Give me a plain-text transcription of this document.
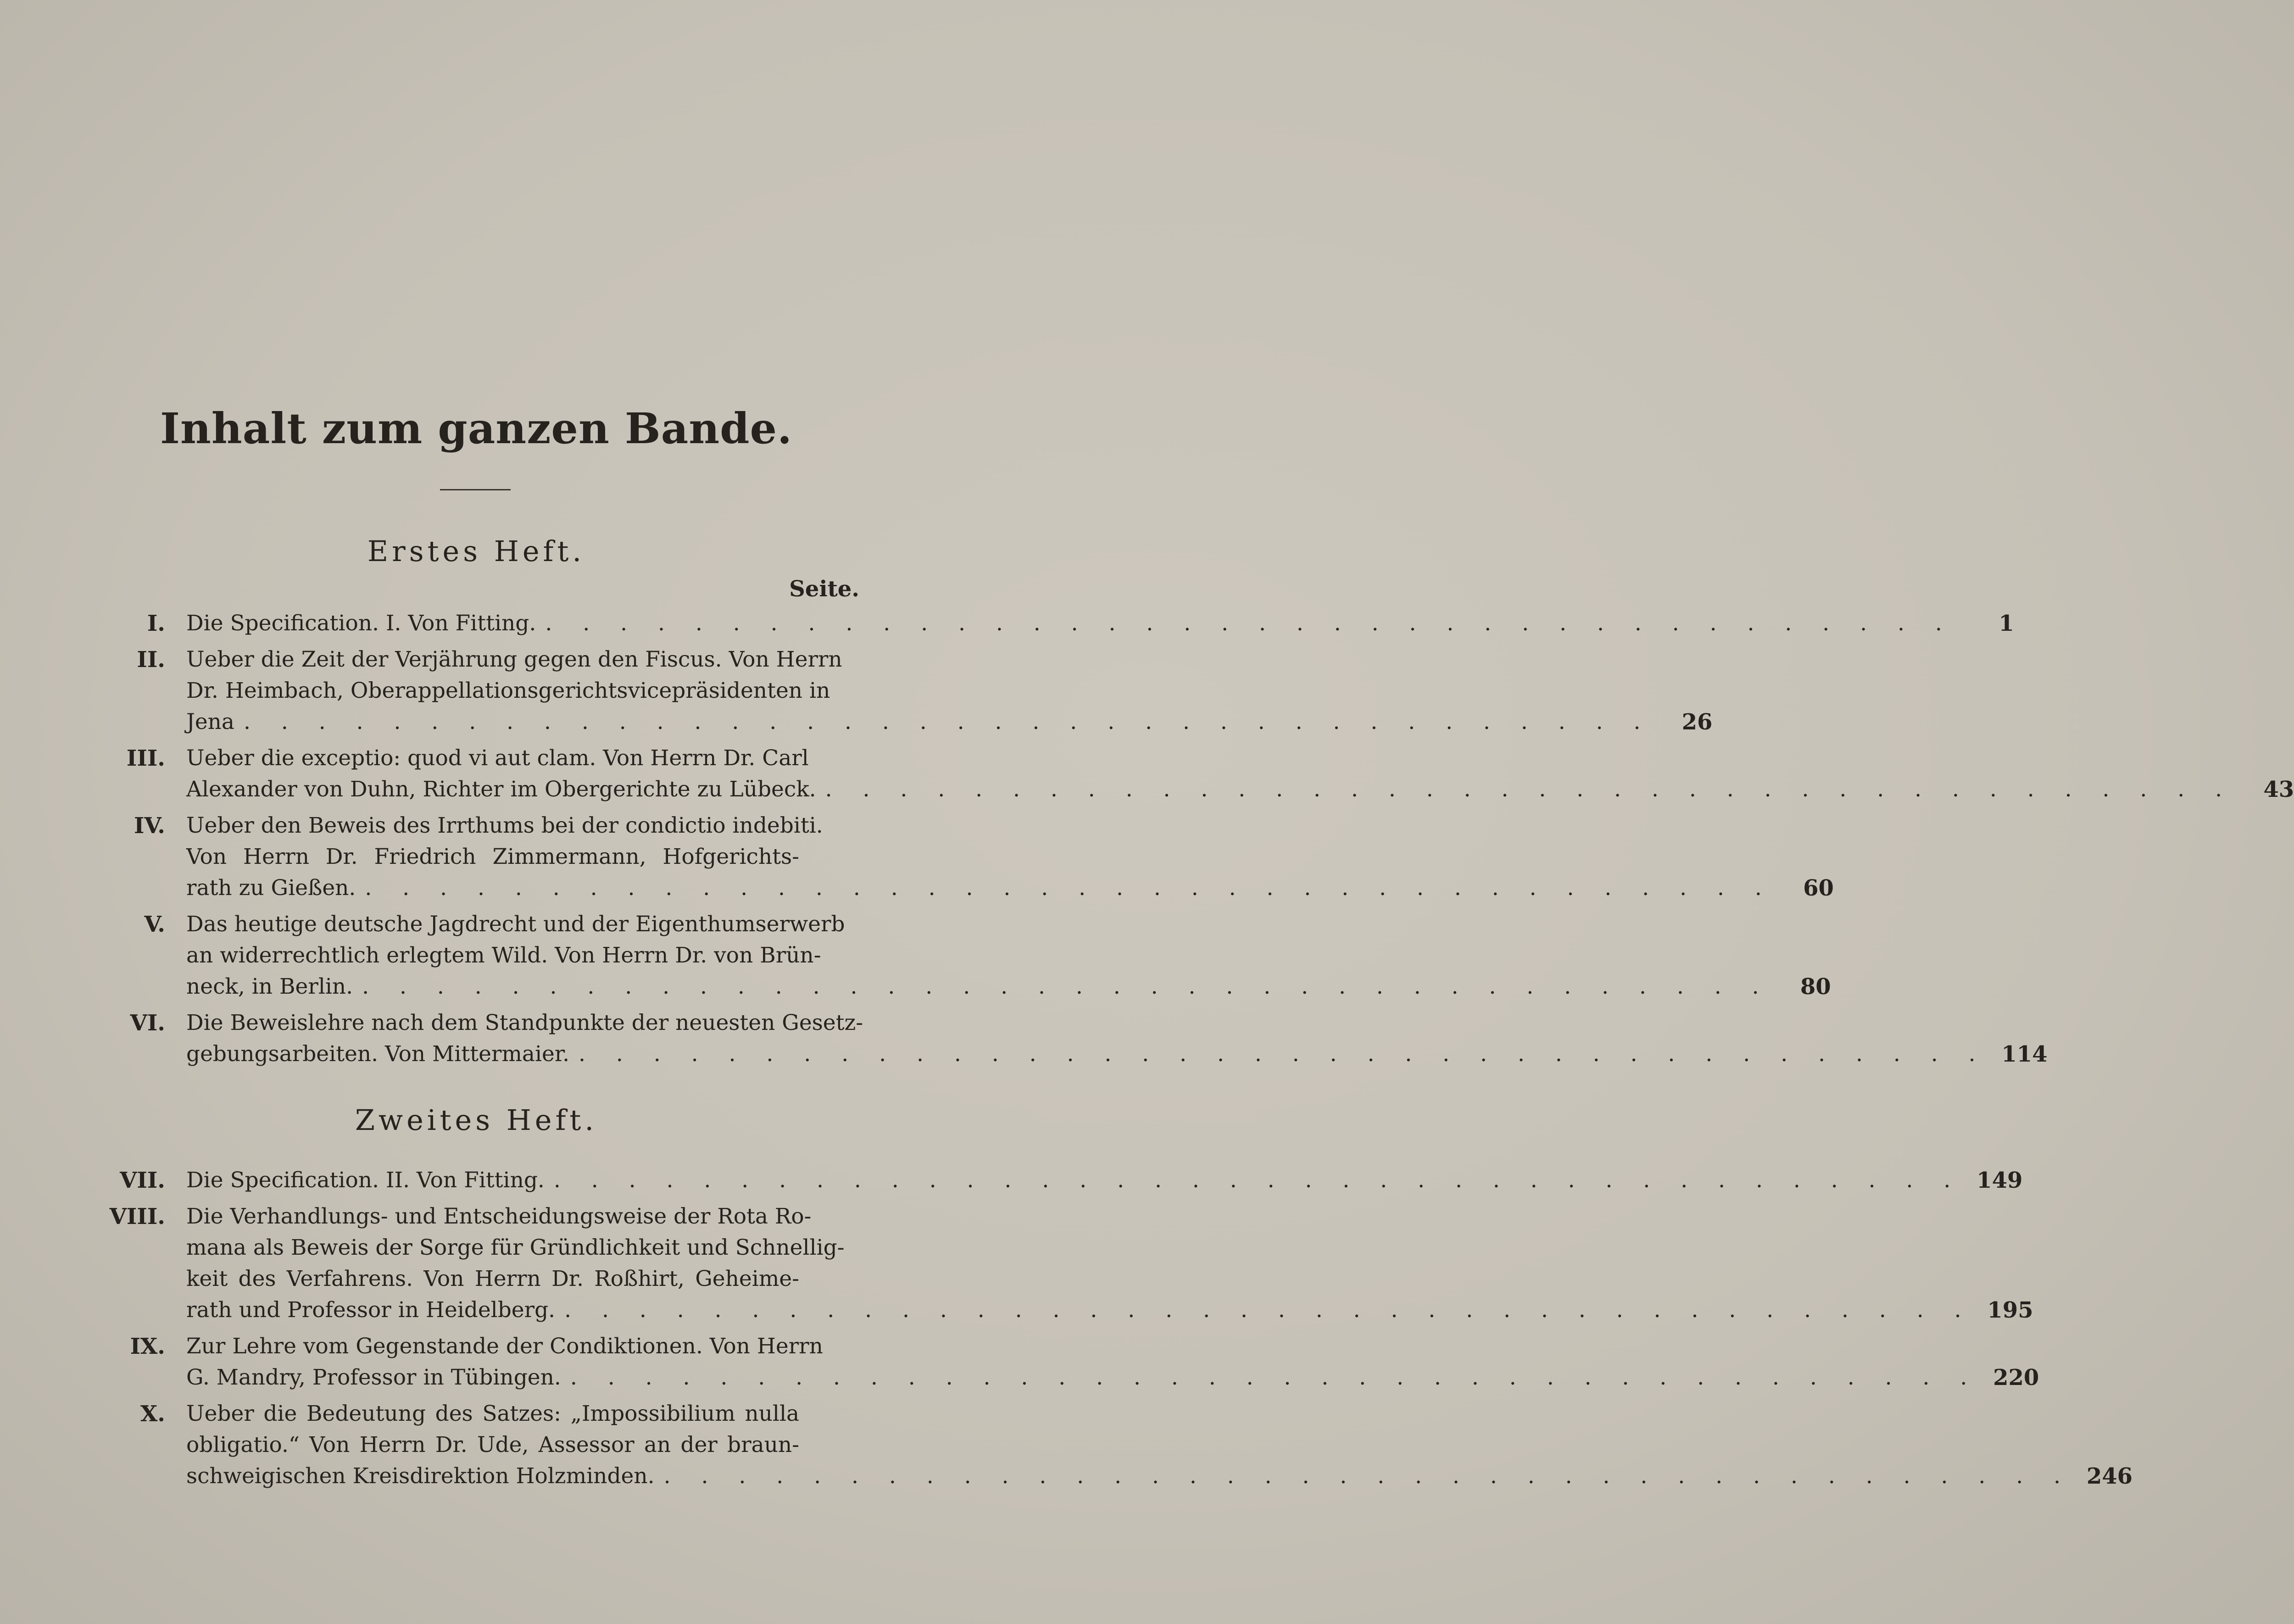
Inhalt zum ganzen Bande.
Erstes Heft.
Seite.
I. Die Specification. I. Von Fitting. . . .	1
II. Ueber die Zeit der Verjährung gegen den Fiscus. Von Herrn
Dr. Heimbach, Oberappellationsgerichtsvicepräsidenten in
Jena . . .	26
III. Ueber die exceptio: quod vi aut clam. Von Herrn Dr. Carl
Alexander von Duhn, Richter im Obergerichte zu Lübeck. . . .	43
IV. Ueber den Beweis des Irrthums bei der condictio indebiti.
Von Herrn Dr. Friedrich Zimmermann, Hofgerichts-
rath zu Gießen. . . .	60
V. Das heutige deutsche Jagdrecht und der Eigenthumserwerb
an widerrechtlich erlegtem Wild. Von Herrn Dr. von Brün-
neck, in Berlin. . . .	80
VI. Die Beweislehre nach dem Standpunkte der neuesten Gesetz-
gebungsarbeiten. Von Mittermaier. . . .	114
Zweites Heft.
VII. Die Specification. II. Von Fitting. . . .	149
VIII. Die Verhandlungs- und Entscheidungsweise der Rota Ro-
mana als Beweis der Sorge für Gründlichkeit und Schnellig-
keit des Verfahrens. Von Herrn Dr. Roßhirt, Geheime-
rath und Professor in Heidelberg. . . .	195
IX. Zur Lehre vom Gegenstande der Condiktionen. Von Herrn
G. Mandry, Professor in Tübingen. . . .	220
X. Ueber die Bedeutung des Satzes: „Impossibilium nulla
obligatio.“ Von Herrn Dr. Ude, Assessor an der braun-
schweigischen Kreisdirektion Holzminden. . . .	246
